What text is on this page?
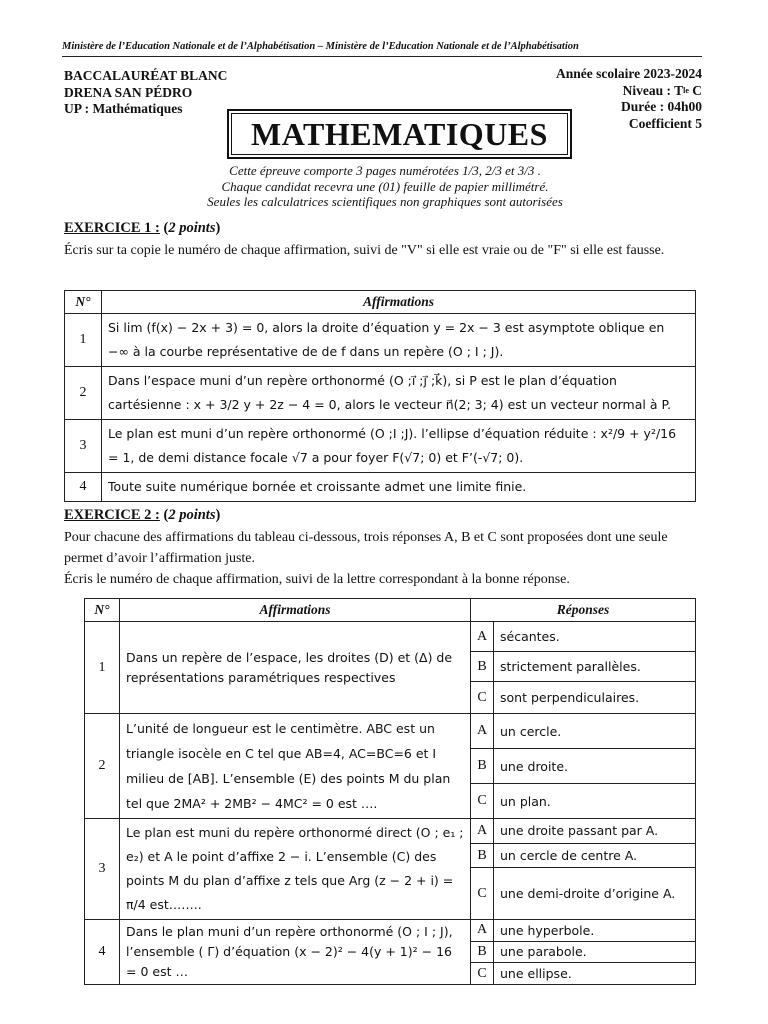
Ministère de l’Education Nationale et de l’Alphabétisation – Ministère de l’Education Nationale et de l’Alphabétisation
BACCALAURÉAT BLANC
DRENA SAN PÉDRO
UP : Mathématiques
Année scolaire 2023-2024
Niveau : $T^{le}$ C
Durée : 04h00
Coefficient 5
MATHEMATIQUES
Cette épreuve comporte 3 pages numérotées 1/3, 2/3 et 3/3 .
Chaque candidat recevra une (01) feuille de papier millimétré.
Seules les calculatrices scientifiques non graphiques sont autorisées
EXERCICE 1 : (2 points)
Écris sur ta copie le numéro de chaque affirmation, suivi de "V" si elle est vraie ou de "F" si elle est fausse.
N°	Affirmations
1	Si lim (f(x) − 2x + 3) = 0, alors la droite d’équation y = 2x − 3 est asymptote oblique en −∞ à la courbe représentative de de f dans un repère (O ; I ; J).
2	Dans l’espace muni d’un repère orthonormé (O ;i⃗ ;j⃗ ;k⃗), si P est le plan d’équation cartésienne : x + 3/2 y + 2z − 4 = 0, alors le vecteur n⃗(2; 3; 4) est un vecteur normal à P.
3	Le plan est muni d’un repère orthonormé (O ;I ;J). l’ellipse d’équation réduite : x²/9 + y²/16 = 1, de demi distance focale √7 a pour foyer F(√7; 0) et F’(-√7; 0).
4	Toute suite numérique bornée et croissante admet une limite finie.
EXERCICE 2 : (2 points)
Pour chacune des affirmations du tableau ci-dessous, trois réponses A, B et C sont proposées dont une seule permet d’avoir l’affirmation juste.
Écris le numéro de chaque affirmation, suivi de la lettre correspondant à la bonne réponse.
N°	Affirmations	Réponses	
1	Dans un repère de l’espace, les droites (D) et (Δ) de représentations paramétriques respectives	A	sécantes.
		B	strictement parallèles.
		C	sont perpendiculaires.
2	L’unité de longueur est le centimètre. ABC est un triangle isocèle en C tel que AB=4, AC=BC=6 et I milieu de [AB]. L’ensemble (E) des points M du plan tel que 2MA² + 2MB² − 4MC² = 0 est ….	A	un cercle.
		B	une droite.
		C	un plan.
3	Le plan est muni du repère orthonormé direct (O ; e₁ ; e₂) et A le point d’affixe 2 − i. L’ensemble (C) des points M du plan d’affixe z tels que Arg (z − 2 + i) = π/4 est……..	A	une droite passant par A.
		B	un cercle de centre A.
		C	une demi-droite d’origine A.
4	Dans le plan muni d’un repère orthonormé (O ; I ; J), l’ensemble ( Γ) d’équation (x − 2)² − 4(y + 1)² − 16 = 0 est …	A	une hyperbole.
		B	une parabole.
		C	une ellipse.
